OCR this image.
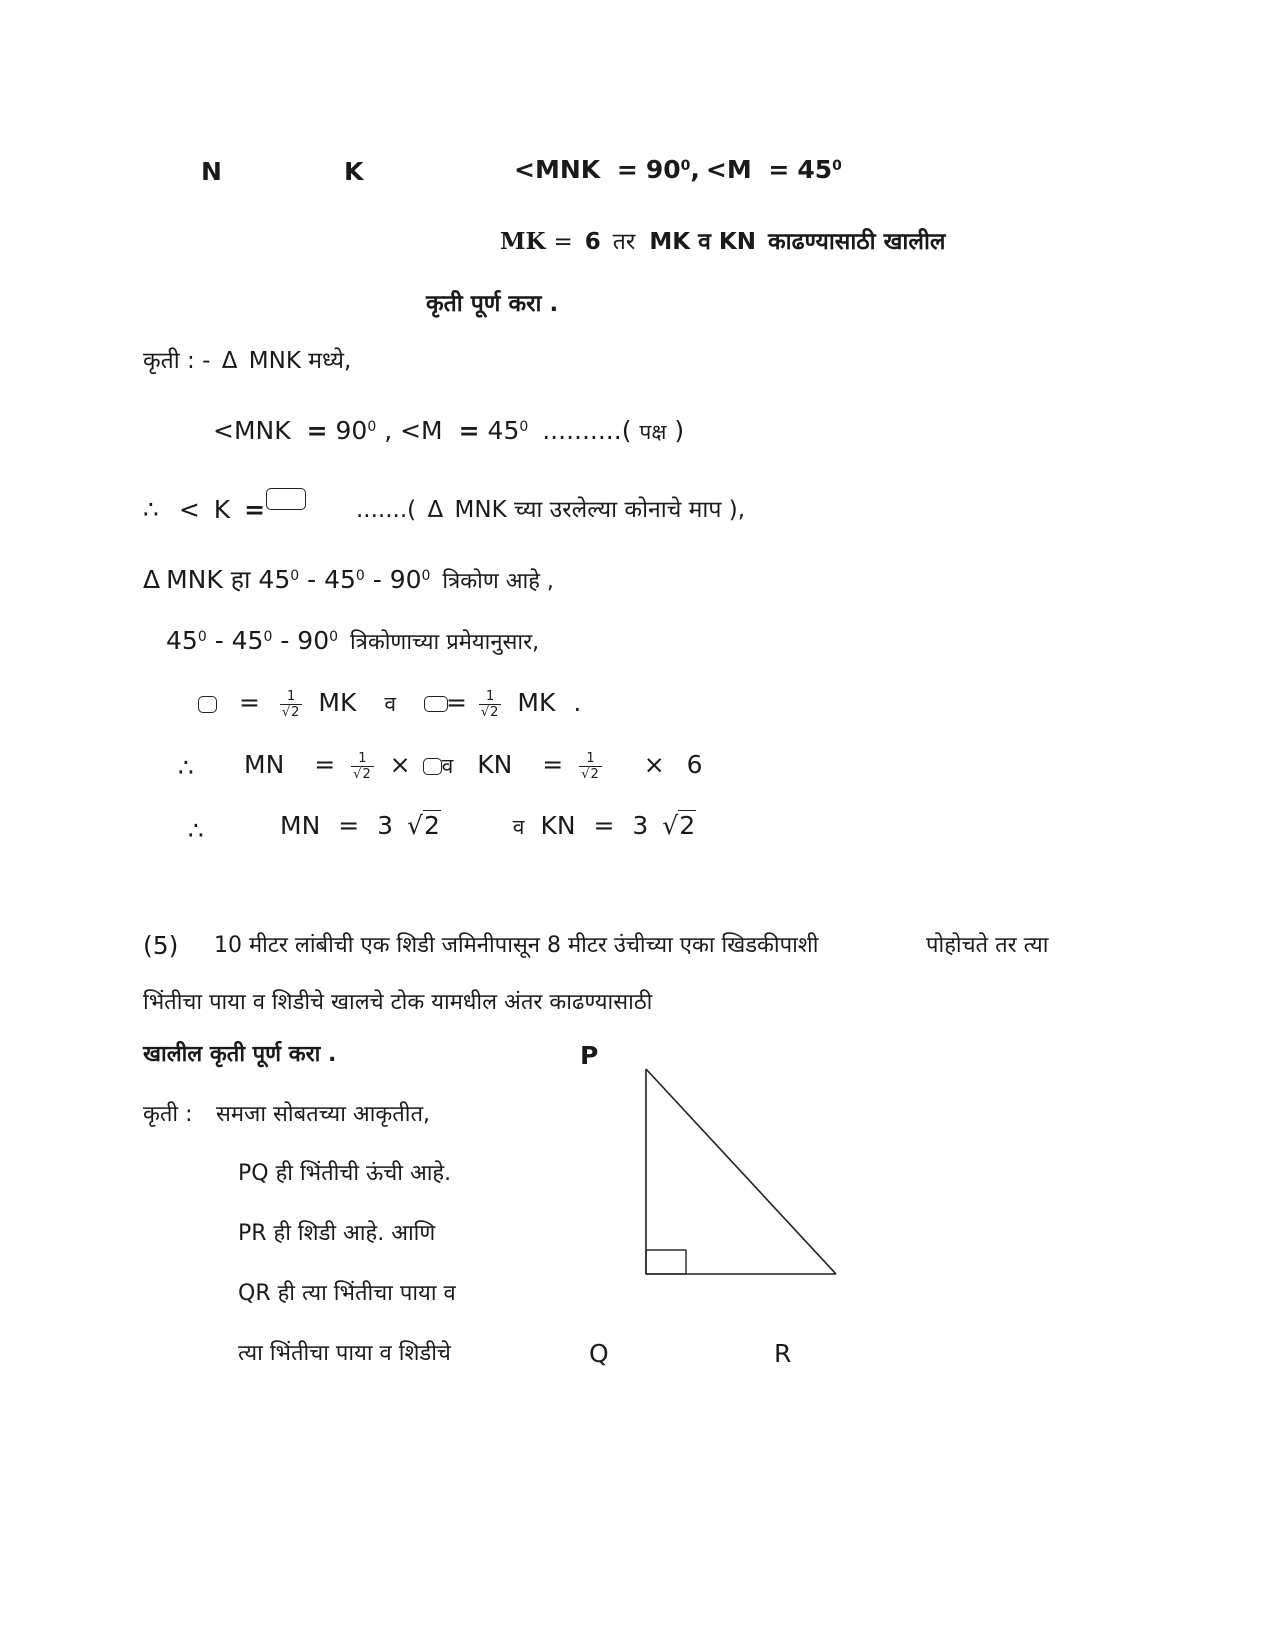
N	K	$<MNK = 90^0$, $<M = 45^0$
MK = 6 तर MK व KN काढण्यासाठी खालील
कृती पूर्ण करा .
कृती : - Δ MNK मध्ये,
$<MNK = 90^0$ , $<M = 45^0$ ..........( पक्ष )
∴ < K =	.......( Δ MNK च्या उरलेल्या कोनाचे माप ),
Δ MNK हा $45^0 - 45^0 - 90^0$ त्रिकोण आहे ,
$45^0 - 45^0 - 90^0$ त्रिकोणाच्या प्रमेयानुसार,
= $\frac{1}{√2}$ MK व = $\frac{1}{√2}$ MK .
∴ MN = $\frac{1}{√2}$ × व KN = $\frac{1}{√2} \times 6$
∴	MN = 3 √2	व KN = 3 √2
(5) 10 मीटर लांबीची एक शिडी जमिनीपासून 8 मीटर उंचीच्या एका खिडकीपाशी	पोहोचते तर त्या
भिंतीचा पाया व शिडीचे खालचे टोक यामधील अंतर काढण्यासाठी
खालील कृती पूर्ण करा .
कृती : समजा सोबतच्या आकृतीत,
PQ ही भिंतीची ऊंची आहे.
PR ही शिडी आहे. आणि
QR ही त्या भिंतीचा पाया व
त्या भिंतीचा पाया व शिडीचे
P
Q	R
